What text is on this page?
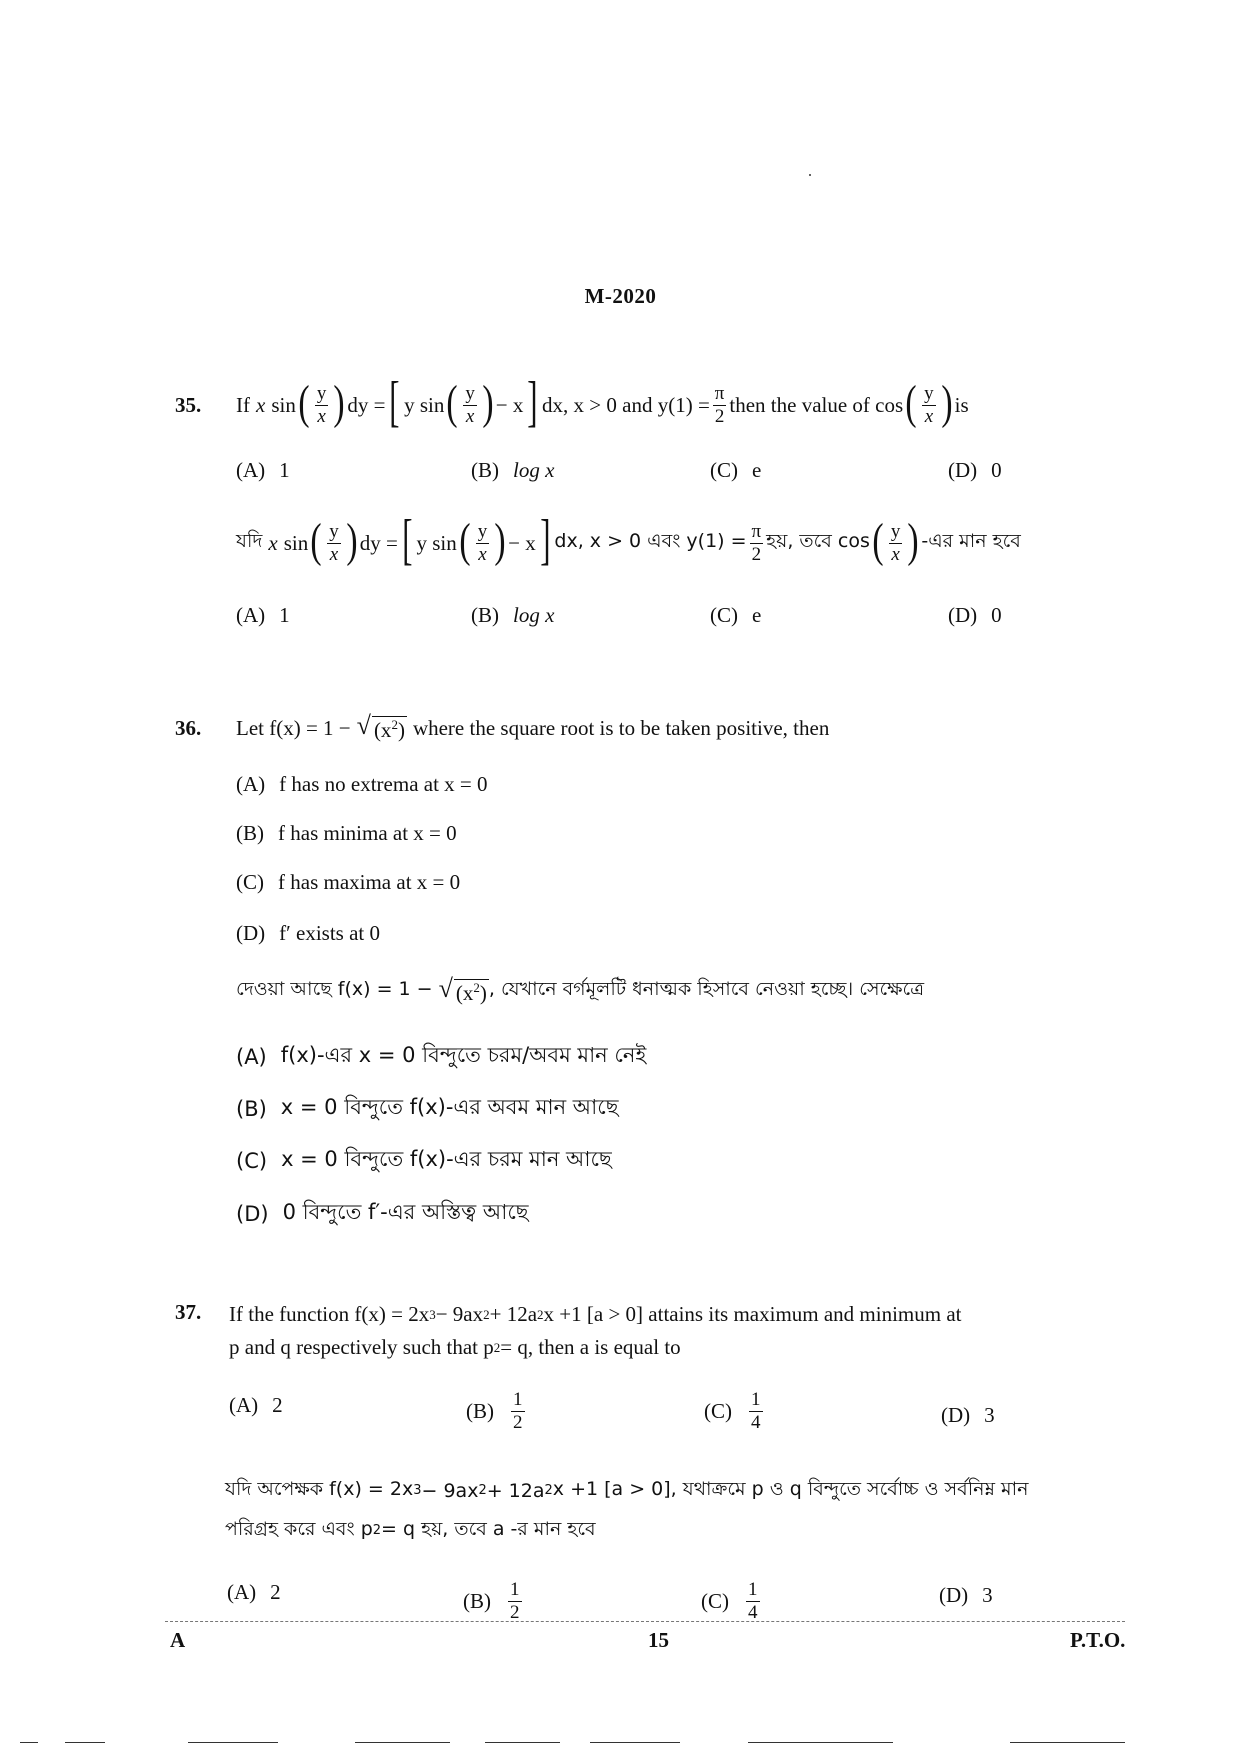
M-2020
35. If x sin ( $\frac{y}{x}$ ) dy = [ y sin ( $\frac{y}{x}$ ) − x ] dx, x > 0 and $y(1) = \frac{\pi}{2}$ then the value of cos ( $\frac{y}{x}$ ) is
(A) 1	(B) log x	(C) e	(D) 0
যদি x sin ( $\frac{y}{x}$ ) dy = [ y sin ( $\frac{y}{x}$ ) − x ] dx, x > 0 এবং $y(1) = \frac{\pi}{2}$ হয়, তবে cos ( $\frac{y}{x}$ ) -এর মান হবে
(A) 1	(B) log x	(C) e	(D) 0
36. Let f(x) = 1 − √ $(x^2)$ where the square root is to be taken positive, then
(A) f has no extrema at x = 0
(B) f has minima at x = 0
(C) f has maxima at x = 0
(D) f′ exists at 0
দেওয়া আছে f(x) = 1 − √ $(x^2)$ , যেখানে বর্গমূলটি ধনাত্মক হিসাবে নেওয়া হচ্ছে। সেক্ষেত্রে
(A) f(x)-এর x = 0 বিন্দুতে চরম/অবম মান নেই
(B) x = 0 বিন্দুতে f(x)-এর অবম মান আছে
(C) x = 0 বিন্দুতে f(x)-এর চরম মান আছে
(D) 0 বিন্দুতে f′-এর অস্তিত্ব আছে
37. If the function f(x) = 2x 3 − 9ax 2 + 12a 2 x +1 [a > 0] attains its maximum and minimum at
p and q respectively such that p 2 = q, then a is equal to
(A) 2	$(B) \frac{1}{2}$	$(C) \frac{1}{4}$	(D) 3
যদি অপেক্ষক f(x) = 2x 3 − 9ax 2 + 12a 2 x +1 [a > 0], যথাক্রমে p ও q বিন্দুতে সর্বোচ্চ ও সর্বনিম্ন মান
পরিগ্রহ করে এবং p 2 = q হয়, তবে a -র মান হবে
(A) 2	$(B) \frac{1}{2}$	$(C) \frac{1}{4}$	(D) 3
A	15	P.T.O.
